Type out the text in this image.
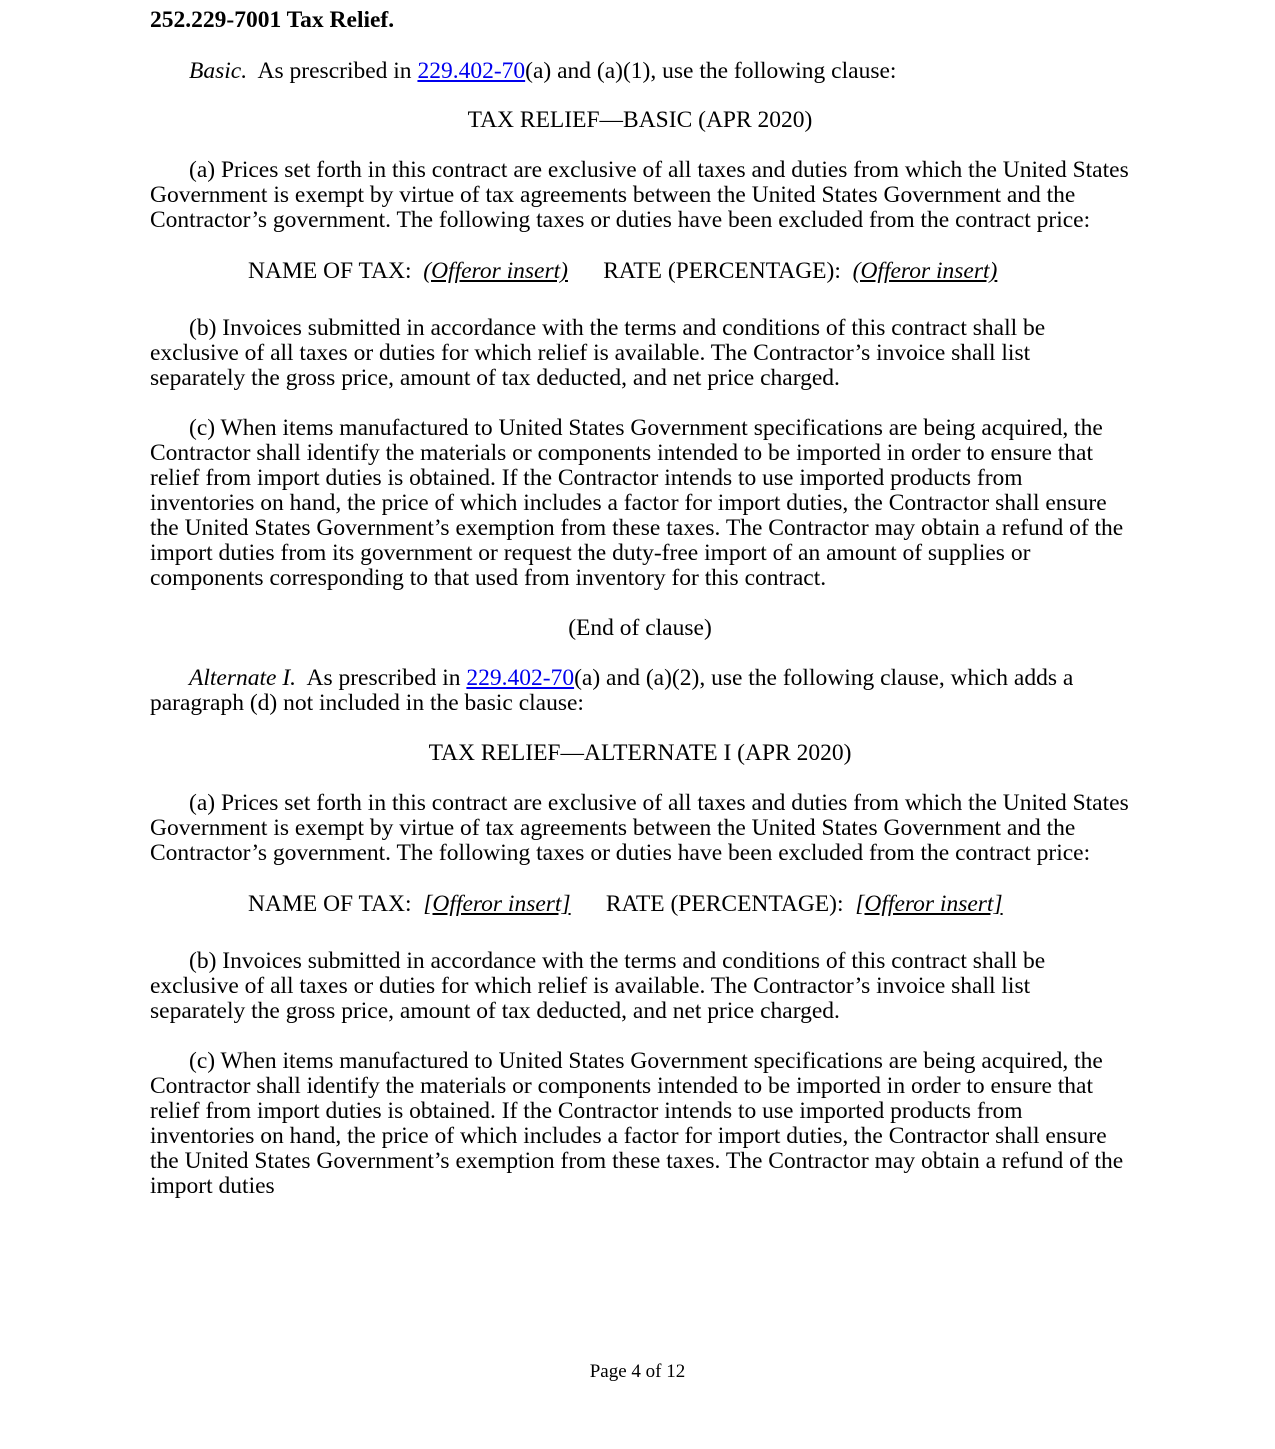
252.229-7001 Tax Relief.

Basic.  As prescribed in 229.402-70(a) and (a)(1), use the following clause:

TAX RELIEF—BASIC (APR 2020)

(a) Prices set forth in this contract are exclusive of all taxes and duties from which the United States Government is exempt by virtue of tax agreements between the United States Government and the Contractor’s government. The following taxes or duties have been excluded from the contract price:

NAME OF TAX:  (Offeror insert)      RATE (PERCENTAGE):  (Offeror insert)

(b) Invoices submitted in accordance with the terms and conditions of this contract shall be exclusive of all taxes or duties for which relief is available. The Contractor’s invoice shall list separately the gross price, amount of tax deducted, and net price charged.

(c) When items manufactured to United States Government specifications are being acquired, the Contractor shall identify the materials or components intended to be imported in order to ensure that relief from import duties is obtained. If the Contractor intends to use imported products from inventories on hand, the price of which includes a factor for import duties, the Contractor shall ensure the United States Government’s exemption from these taxes. The Contractor may obtain a refund of the import duties from its government or request the duty-free import of an amount of supplies or components corresponding to that used from inventory for this contract.

(End of clause)

Alternate I.  As prescribed in 229.402-70(a) and (a)(2), use the following clause, which adds a paragraph (d) not included in the basic clause:

TAX RELIEF—ALTERNATE I (APR 2020)

(a) Prices set forth in this contract are exclusive of all taxes and duties from which the United States Government is exempt by virtue of tax agreements between the United States Government and the Contractor’s government. The following taxes or duties have been excluded from the contract price:

NAME OF TAX:  [Offeror insert]      RATE (PERCENTAGE):  [Offeror insert]

(b) Invoices submitted in accordance with the terms and conditions of this contract shall be exclusive of all taxes or duties for which relief is available. The Contractor’s invoice shall list separately the gross price, amount of tax deducted, and net price charged.

(c) When items manufactured to United States Government specifications are being acquired, the Contractor shall identify the materials or components intended to be imported in order to ensure that relief from import duties is obtained. If the Contractor intends to use imported products from inventories on hand, the price of which includes a factor for import duties, the Contractor shall ensure the United States Government’s exemption from these taxes. The Contractor may obtain a refund of the import duties

Page 4 of 12
